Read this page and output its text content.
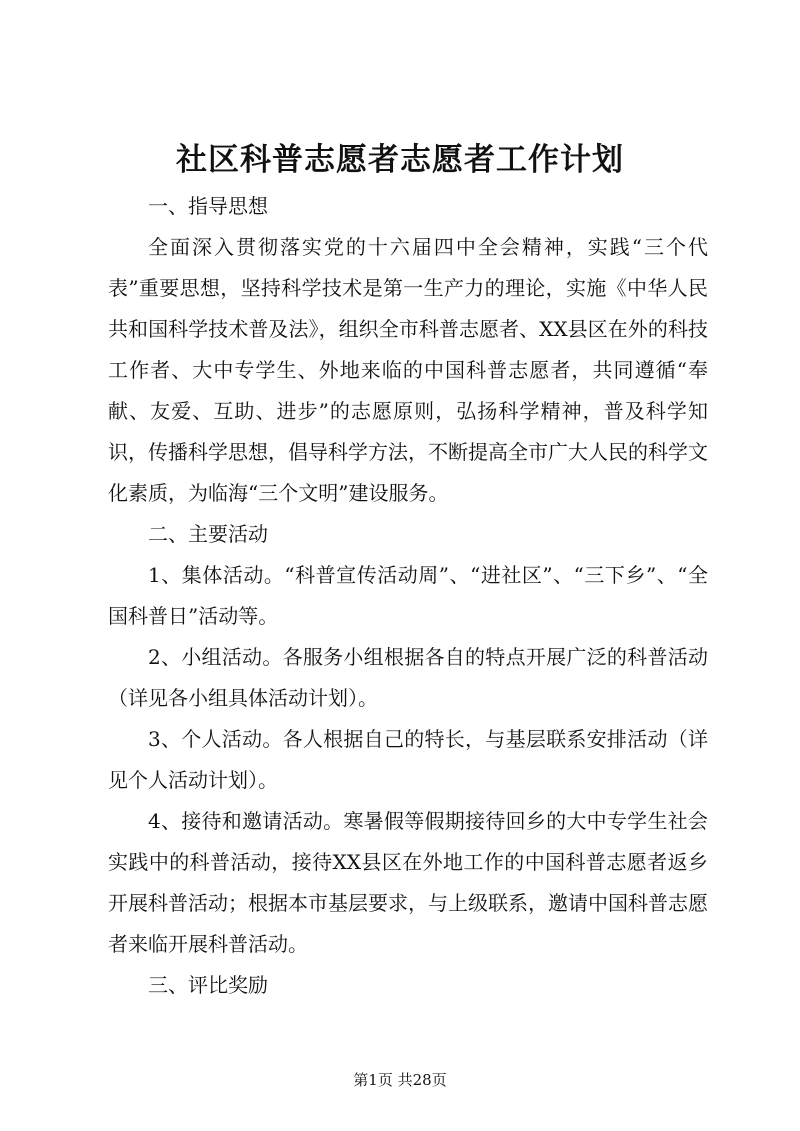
社区科普志愿者志愿者工作计划

一、指导思想

全面深入贯彻落实党的十六届四中全会精神，实践“三个代表”重要思想，坚持科学技术是第一生产力的理论，实施《中华人民共和国科学技术普及法》，组织全市科普志愿者、XX县区在外的科技工作者、大中专学生、外地来临的中国科普志愿者，共同遵循“奉献、友爱、互助、进步”的志愿原则，弘扬科学精神，普及科学知识，传播科学思想，倡导科学方法，不断提高全市广大人民的科学文化素质，为临海“三个文明”建设服务。

二、主要活动

1、集体活动。“科普宣传活动周”、“进社区”、“三下乡”、“全国科普日”活动等。

2、小组活动。各服务小组根据各自的特点开展广泛的科普活动（详见各小组具体活动计划）。

3、个人活动。各人根据自己的特长，与基层联系安排活动（详见个人活动计划）。

4、接待和邀请活动。寒暑假等假期接待回乡的大中专学生社会实践中的科普活动，接待XX县区在外地工作的中国科普志愿者返乡开展科普活动；根据本市基层要求，与上级联系，邀请中国科普志愿者来临开展科普活动。

三、评比奖励

第1页 共28页
